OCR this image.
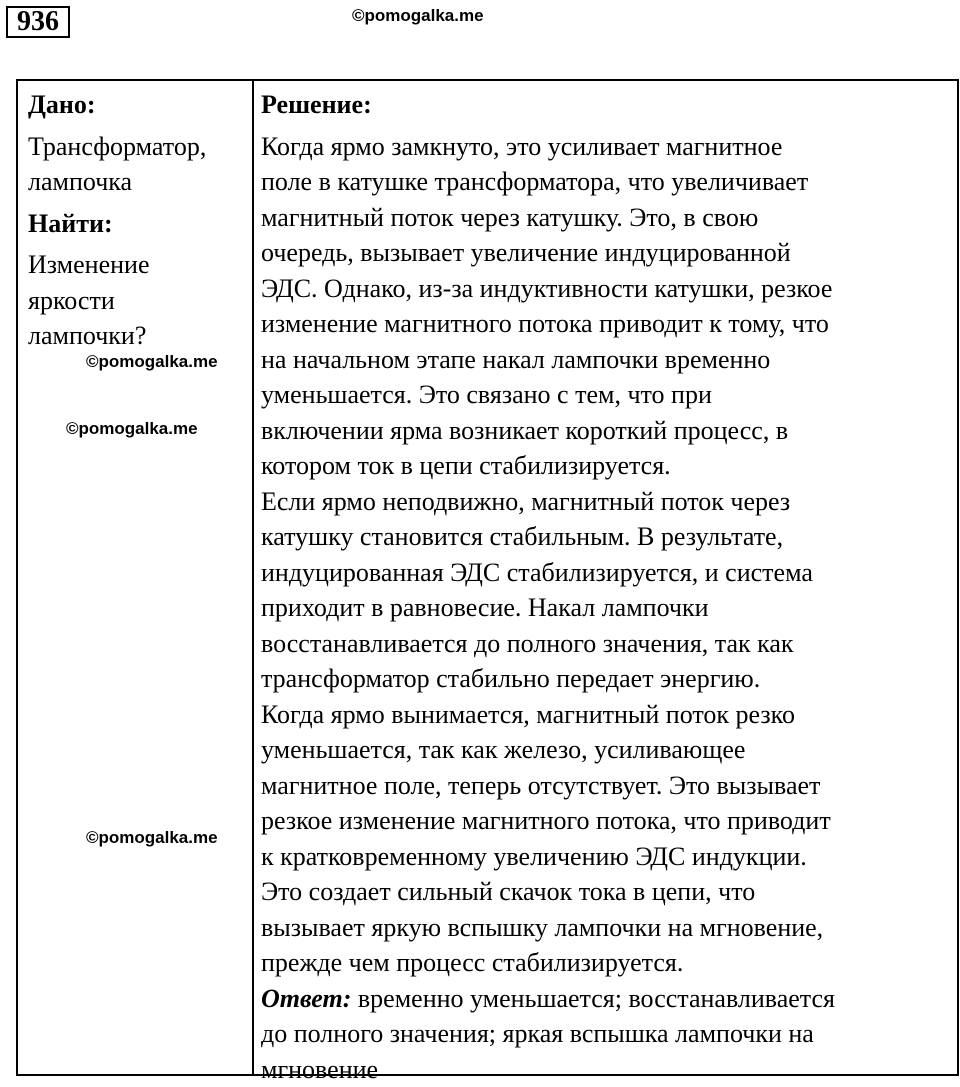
936	©pomogalka.me
Дано:
Трансформатор,
лампочка
Найти:
Изменение
яркости
лампочки?
Решение:
Когда ярмо замкнуто, это усиливает магнитное
поле в катушке трансформатора, что увеличивает
магнитный поток через катушку. Это, в свою
очередь, вызывает увеличение индуцированной
ЭДС. Однако, из-за индуктивности катушки, резкое
изменение магнитного потока приводит к тому, что
на начальном этапе накал лампочки временно
уменьшается. Это связано с тем, что при
включении ярма возникает короткий процесс, в
котором ток в цепи стабилизируется.
Если ярмо неподвижно, магнитный поток через
катушку становится стабильным. В результате,
индуцированная ЭДС стабилизируется, и система
приходит в равновесие. Накал лампочки
восстанавливается до полного значения, так как
трансформатор стабильно передает энергию.
Когда ярмо вынимается, магнитный поток резко
уменьшается, так как железо, усиливающее
магнитное поле, теперь отсутствует. Это вызывает
резкое изменение магнитного потока, что приводит
к кратковременному увеличению ЭДС индукции.
Это создает сильный скачок тока в цепи, что
вызывает яркую вспышку лампочки на мгновение,
прежде чем процесс стабилизируется.
Ответ: временно уменьшается; восстанавливается
до полного значения; яркая вспышка лампочки на
мгновение
©pomogalka.me
©pomogalka.me
©pomogalka.me
